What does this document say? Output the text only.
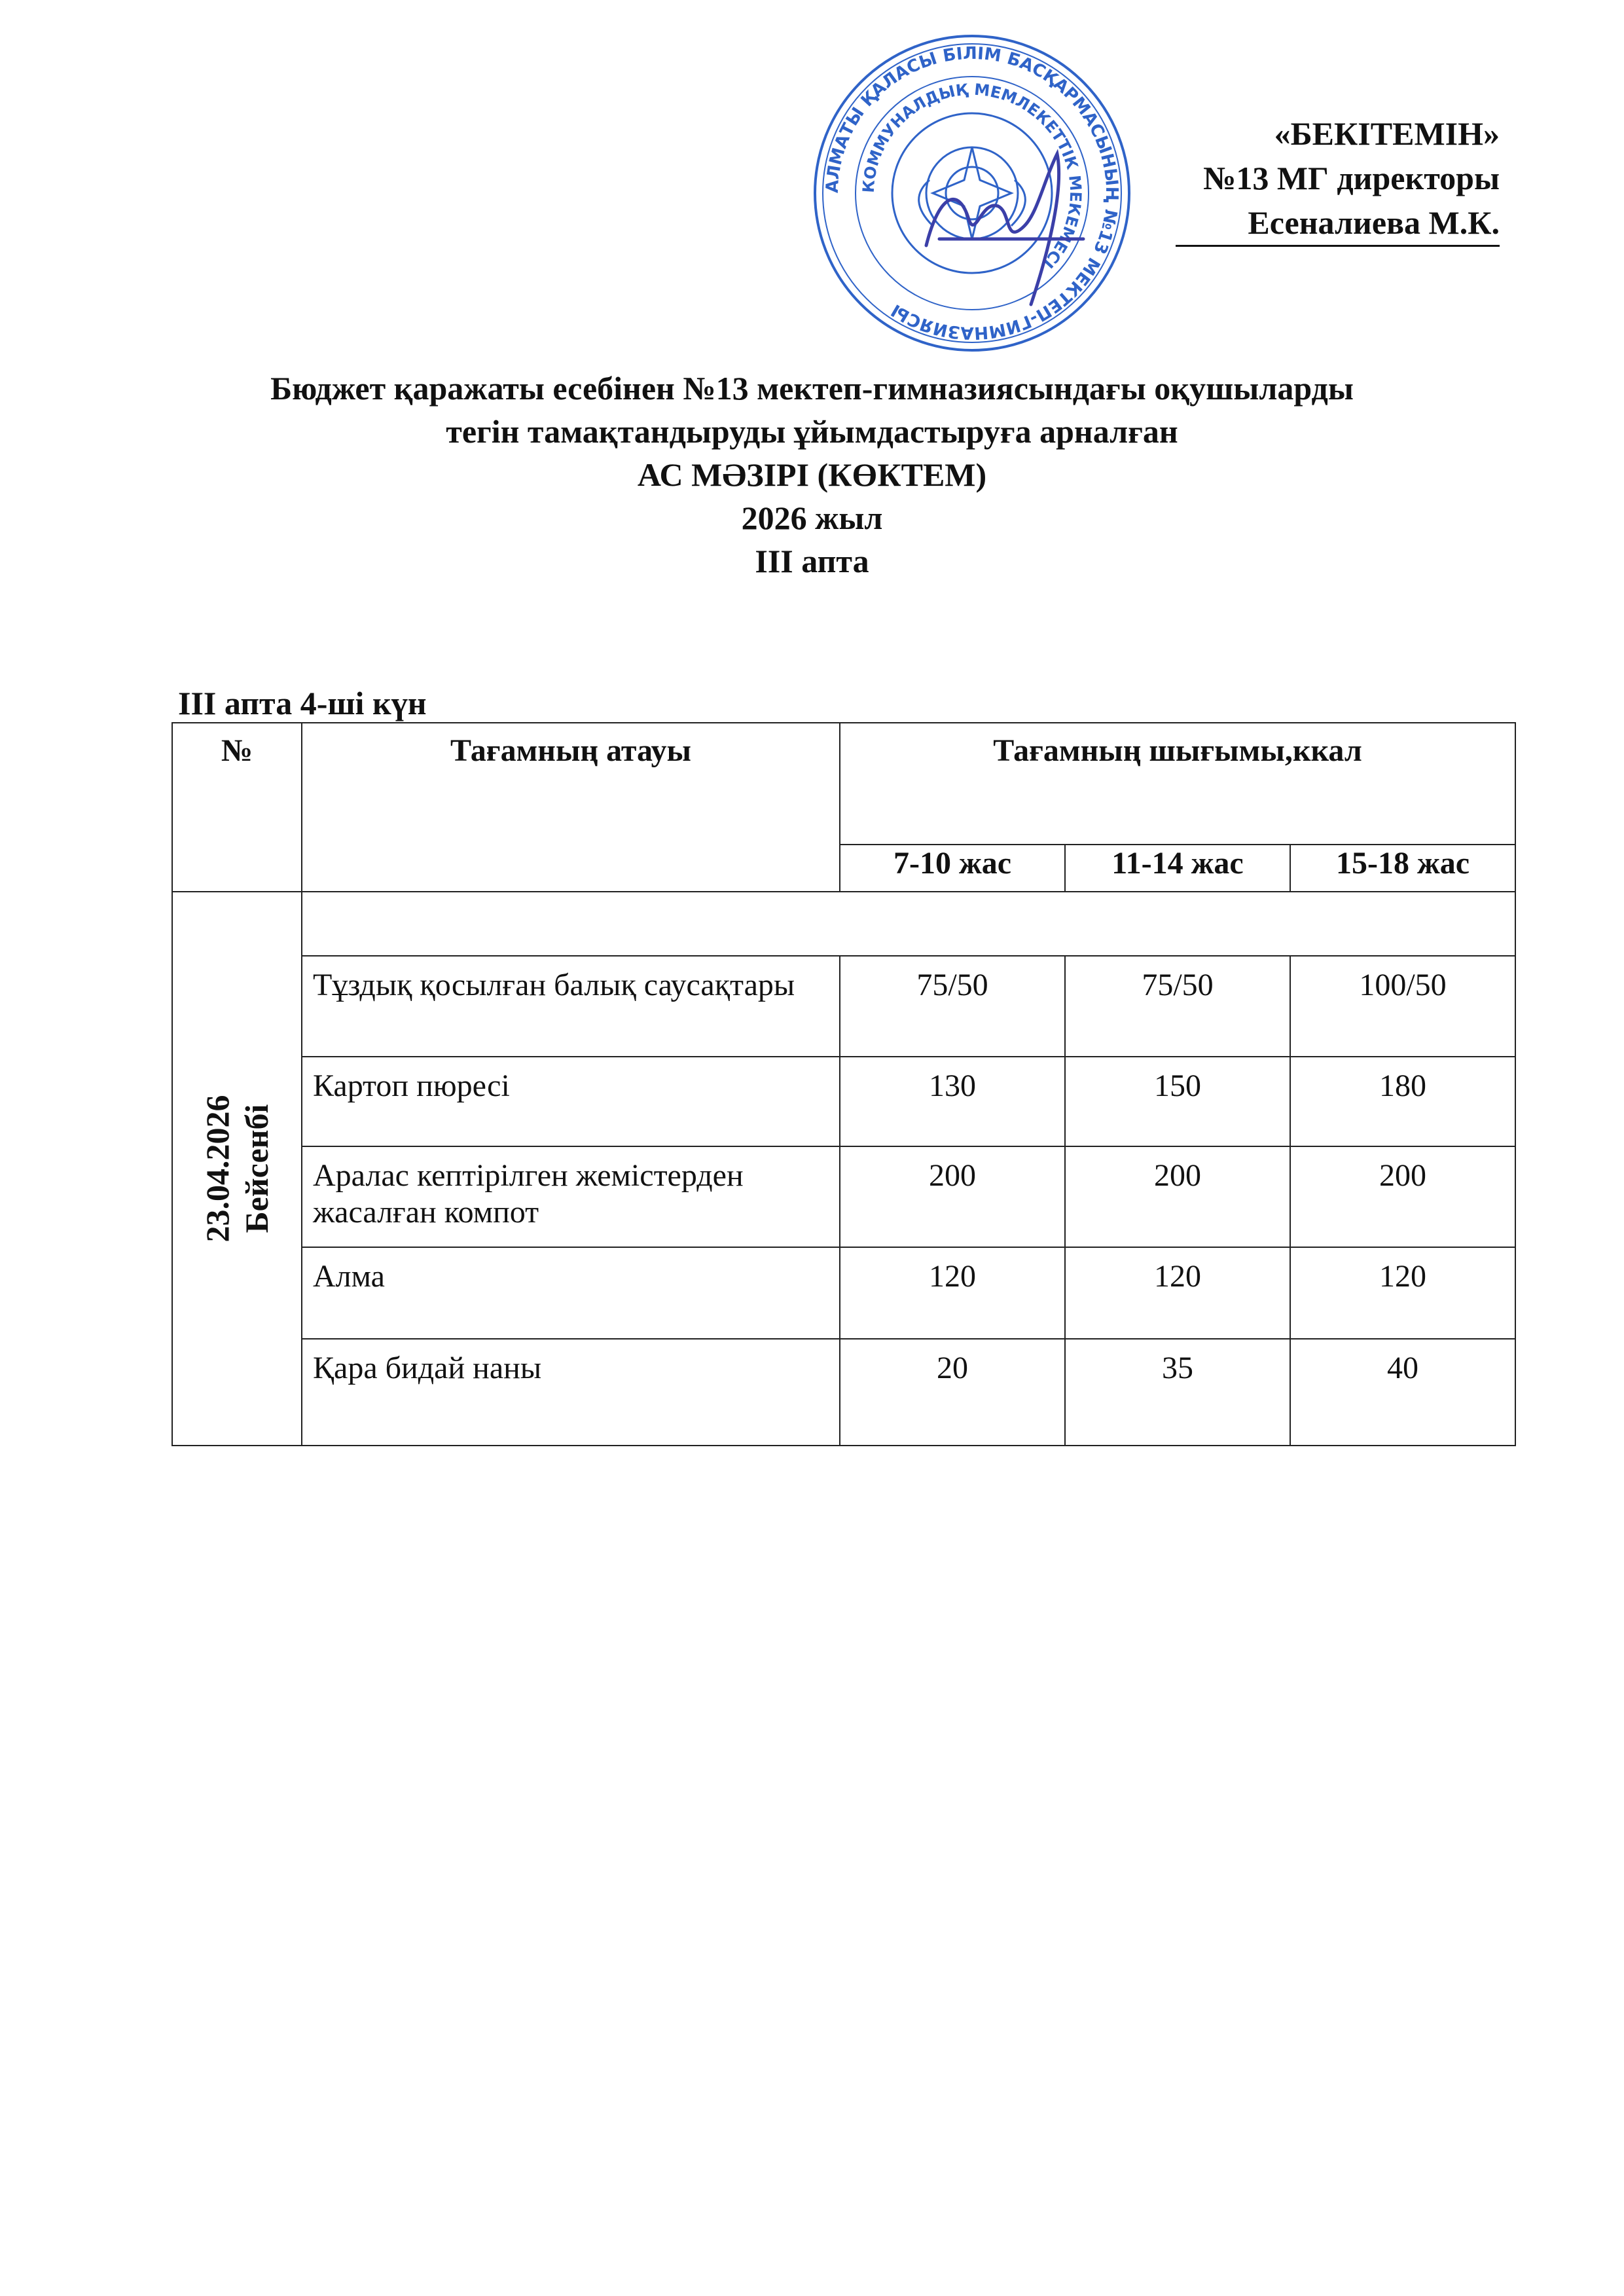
АЛМАТЫ ҚАЛАСЫ БІЛІМ БАСҚАРМАСЫНЫҢ №13 МЕКТЕП-ГИМНАЗИЯСЫ
КОММУНАЛДЫҚ МЕМЛЕКЕТТІК МЕКЕМЕСІ
«БЕКІТЕМІН»
№13 МГ директоры
Есеналиева М.К.
Бюджет қаражаты есебінен №13 мектеп-гимназиясындағы оқушыларды
тегін тамақтандыруды ұйымдастыруға арналған
АС МӘЗІРІ (КӨКТЕМ)
2026 жыл
III апта
III апта 4-ші күн
№	Тағамның атауы	Тағамның шығымы,ккал		
		7-10 жас	11-14 жас	15-18 жас

23.04.2026 Бейсенбі				

	Тұздық қосылған балық саусақтары	75/50	75/50	100/50
	Картоп пюресі	130	150	180
	Аралас кептірілген жемістерден жасалған компот	200	200	200
	Алма	120	120	120
	Қара бидай наны	20	35	40
